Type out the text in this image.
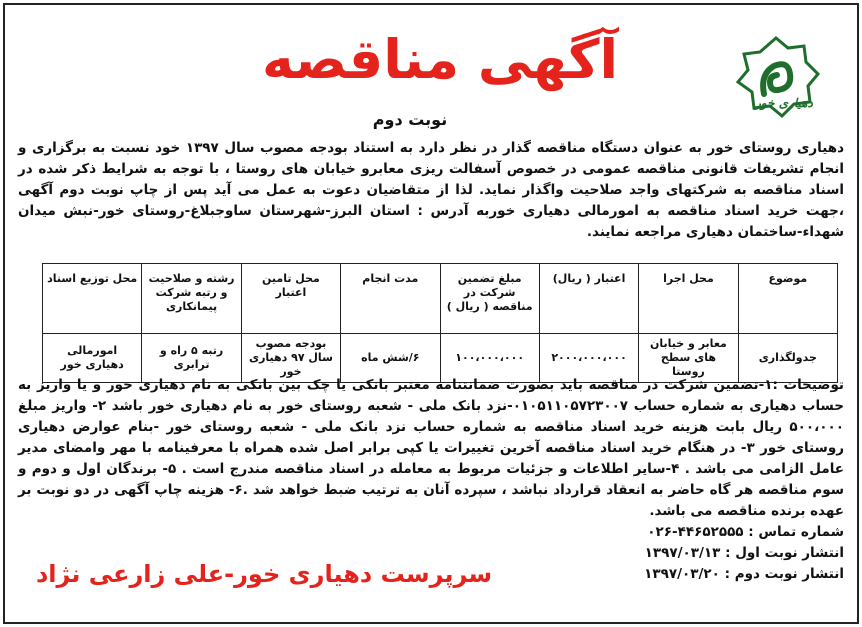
دهیاری خور
آگهی مناقصه
نوبت دوم
دهیاری روستای خور به عنوان دستگاه مناقصه گذار در نظر دارد به استناد بودجه مصوب سال ۱۳۹۷ خود نسبت به برگزاری و انجام تشریفات قانونی مناقصه عمومی در خصوص آسفالت ریزی معابرو خیابان های روستا ، با توجه به شرایط ذکر شده در اسناد مناقصه به شرکتهای واجد صلاحیت واگذار نماید. لذا از متقاضیان دعوت به عمل می آید پس از چاپ نوبت دوم آگهی ،جهت خرید اسناد مناقصه به امورمالی دهیاری خوربه آدرس : استان البرز-شهرستان ساوجبلاغ-روستای خور-نبش میدان شهداء-ساختمان دهیاری مراجعه نمایند.
موضوع	محل اجرا	اعتبار ( ریال)	مبلغ تضمین شرکت در مناقصه ( ریال )	مدت انجام	محل تامین اعتبار	رشته و صلاحیت و رتبه شرکت پیمانکاری	محل توزیع اسناد
جدولگذاری	معابر و خیابان های سطح روستا	۲۰۰۰،۰۰۰،۰۰۰	۱۰۰،۰۰۰،۰۰۰	۶/شش ماه	بودجه مصوب سال ۹۷ دهیاری خور	رتبه ۵ راه و ترابری	امورمالی دهیاری خور
توضیحات :۱-تضمین شرکت در مناقصه باید بصورت ضمانتنامه معتبر بانکی یا چک بین بانکی به نام دهیاری خور و یا واریز به حساب دهیاری به شماره حساب ۰۱۰۵۱۱۰۵۷۲۳۰۰۷-نزد بانک ملی - شعبه روستای خور به نام دهیاری خور باشد ۲- واریز مبلغ ۵۰۰،۰۰۰ ریال بابت هزینه خرید اسناد مناقصه به شماره حساب نزد بانک ملی - شعبه روستای خور -بنام عوارض دهیاری روستای خور ۳- در هنگام خرید اسناد مناقصه آخرین تغییرات یا کپی برابر اصل شده همراه با معرفینامه با مهر وامضای مدیر عامل الزامی می باشد . ۴-سایر اطلاعات و جزئیات مربوط به معامله در اسناد مناقصه مندرج است . ۵- برندگان اول و دوم و سوم مناقصه هر گاه حاضر به انعقاد قرارداد نباشد ، سپرده آنان به ترتیب ضبط خواهد شد .۶- هزینه چاپ آگهی در دو نوبت بر عهده برنده مناقصه می باشد.
شماره تماس : ۴۴۶۵۲۵۵۵-۰۲۶
انتشار نوبت اول : ۱۳۹۷/۰۳/۱۳
انتشار نوبت دوم : ۱۳۹۷/۰۳/۲۰
سرپرست دهیاری خور-علی زارعی نژاد
